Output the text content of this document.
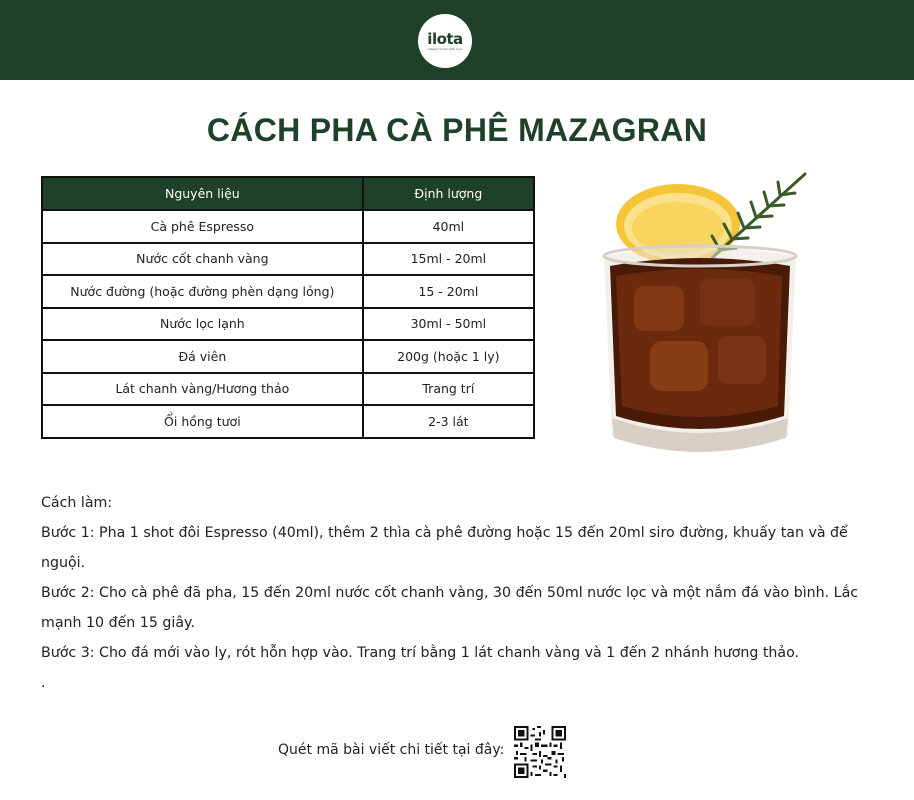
ilota
Always made with love
CÁCH PHA CÀ PHÊ MAZAGRAN
Nguyên liệu	Định lượng
Cà phê Espresso	40ml
Nước cốt chanh vàng	15ml - 20ml
Nước đường (hoặc đường phèn dạng lỏng)	15 - 20ml
Nước lọc lạnh	30ml - 50ml
Đá viên	200g (hoặc 1 ly)
Lát chanh vàng/Hương thảo	Trang trí
Ổi hồng tươi	2-3 lát

Cách làm:

Bước 1: Pha 1 shot đôi Espresso (40ml), thêm 2 thìa cà phê đường hoặc 15 đến 20ml siro đường, khuấy tan và để nguội.

Bước 2: Cho cà phê đã pha, 15 đến 20ml nước cốt chanh vàng, 30 đến 50ml nước lọc và một nắm đá vào bình. Lắc mạnh 10 đến 15 giây.

Bước 3: Cho đá mới vào ly, rót hỗn hợp vào. Trang trí bằng 1 lát chanh vàng và 1 đến 2 nhánh hương thảo.

.

Quét mã bài viết chi tiết tại đây:
